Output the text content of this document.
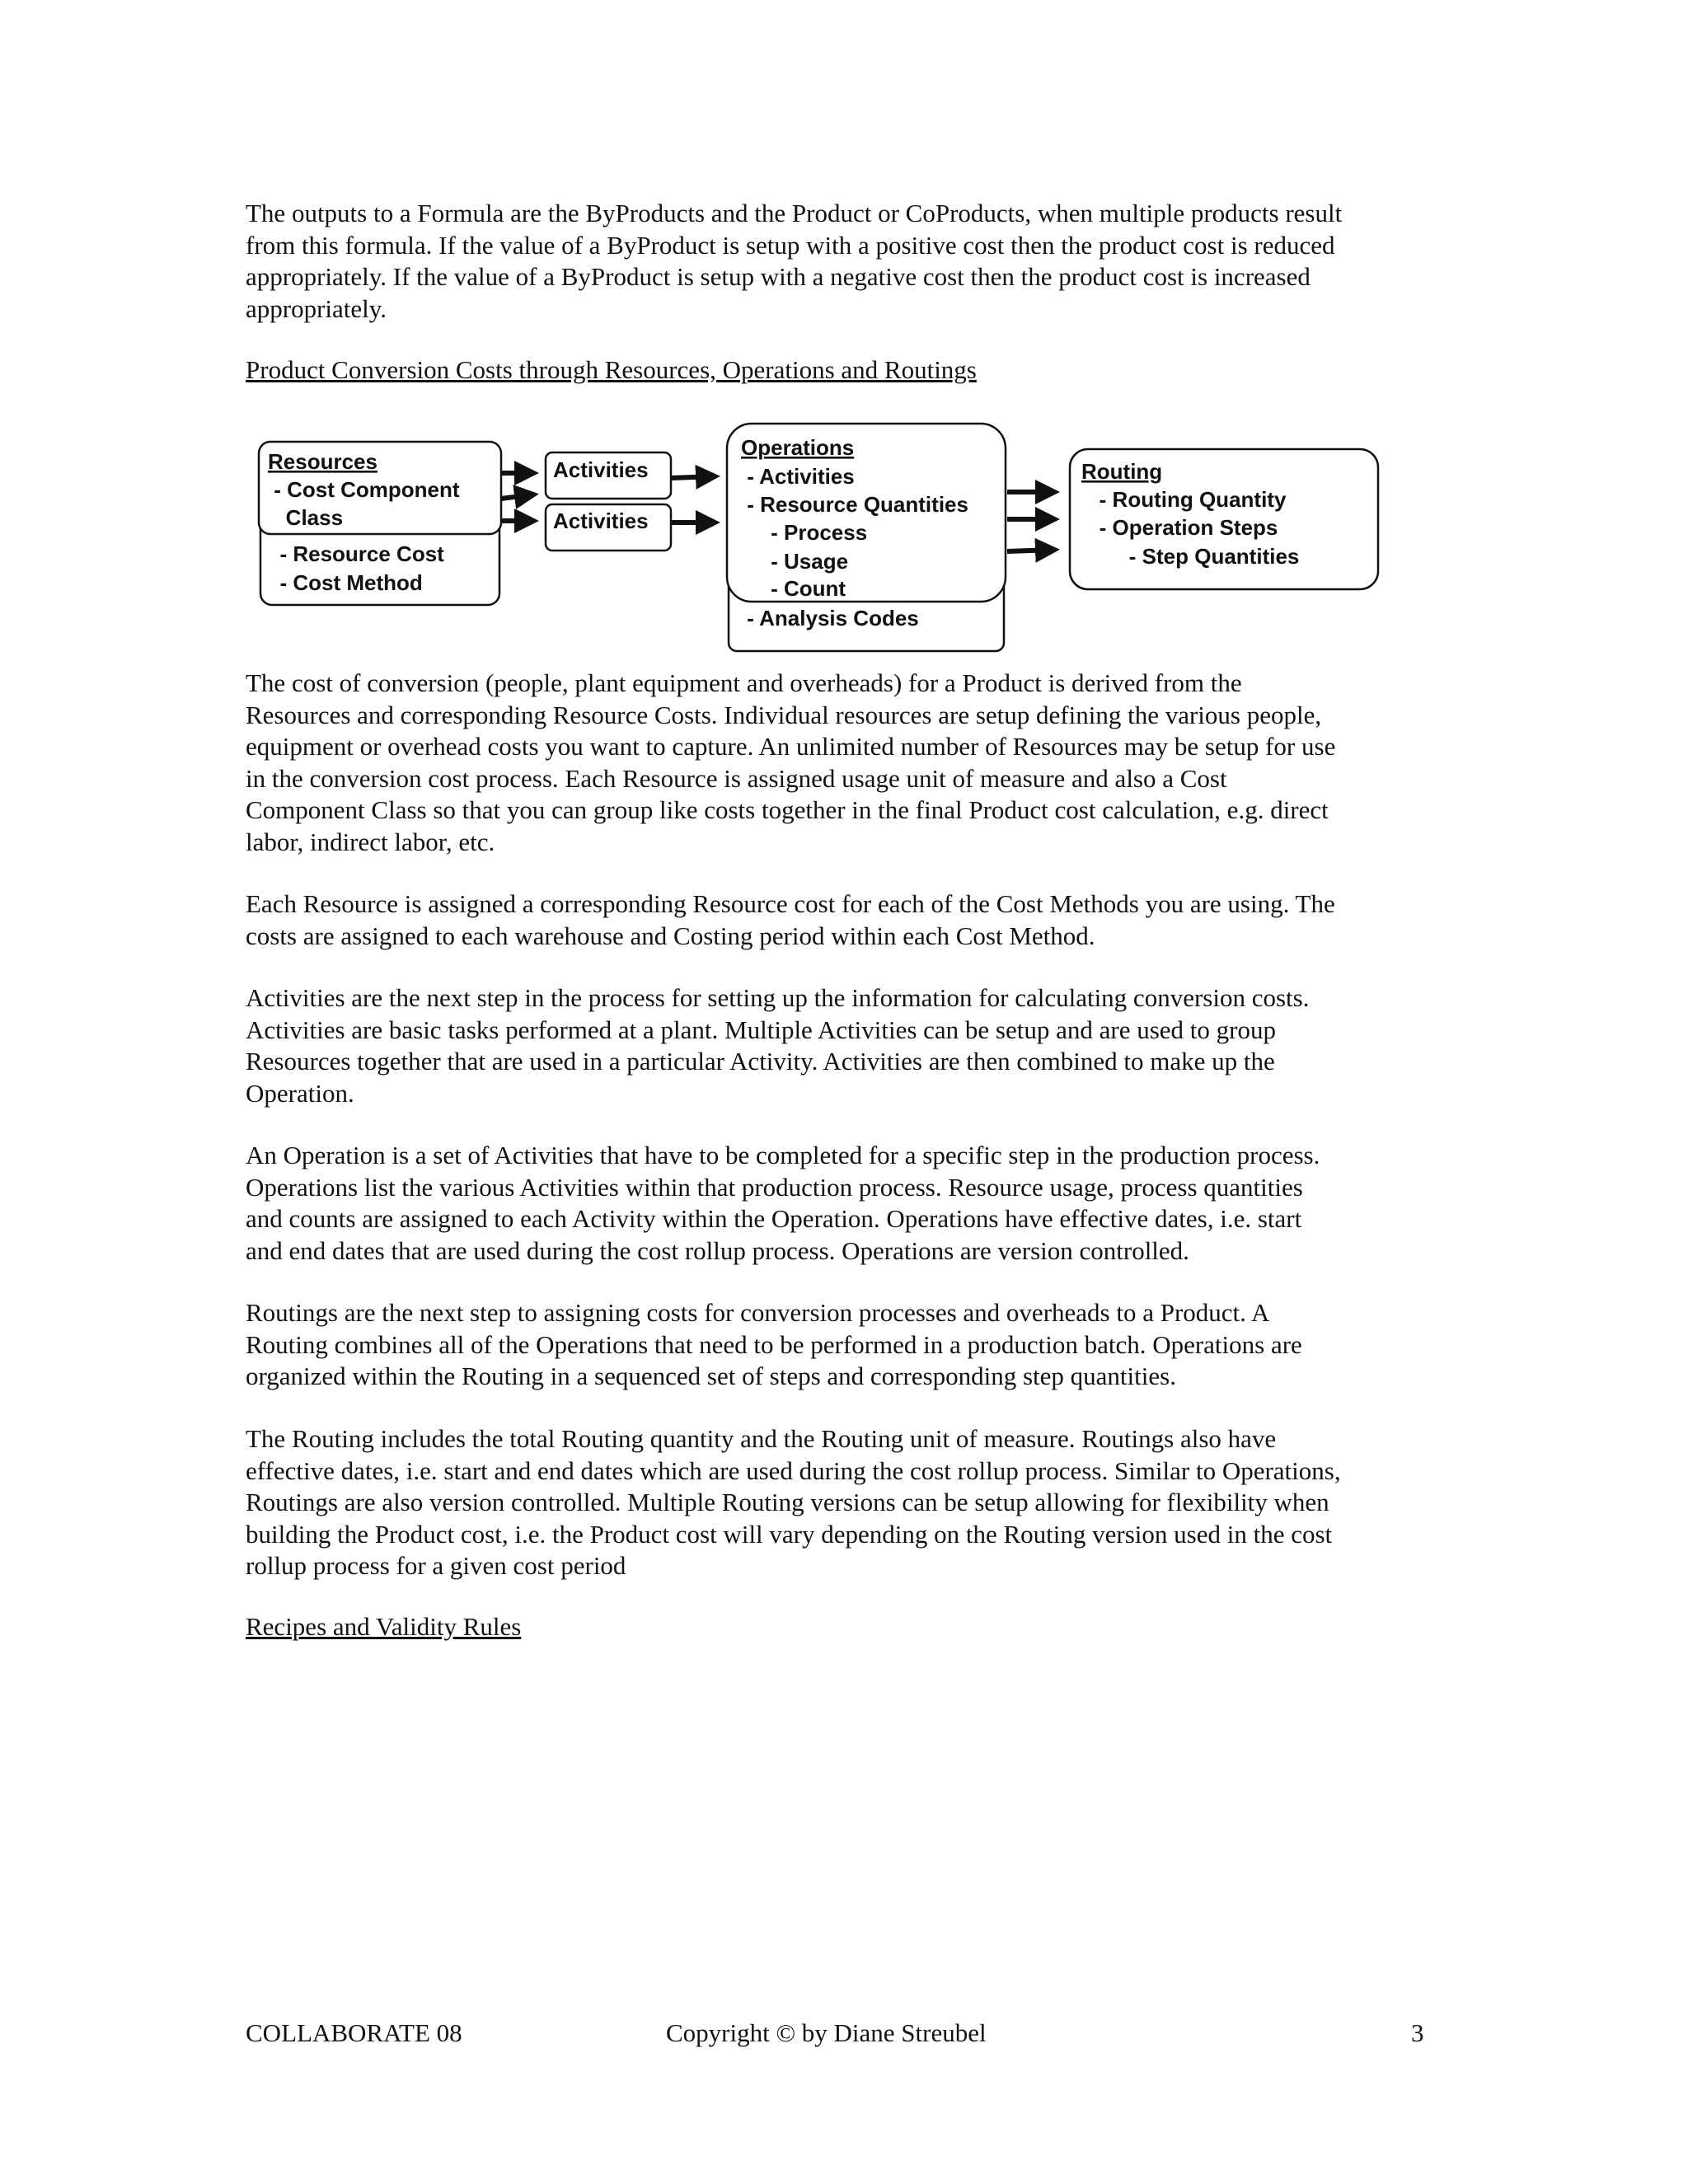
The outputs to a Formula are the ByProducts and the Product or CoProducts, when multiple products result
from this formula. If the value of a ByProduct is setup with a positive cost then the product cost is reduced
appropriately. If the value of a ByProduct is setup with a negative cost then the product cost is increased
appropriately.

Product Conversion Costs through Resources, Operations and Routings

Resources
- Cost Component
Class
- Resource Cost
- Cost Method
Activities
Activities
Operations
- Activities
- Resource Quantities
- Process
- Usage
- Count
- Analysis Codes
Routing
- Routing Quantity
- Operation Steps
- Step Quantities

The cost of conversion (people, plant equipment and overheads) for a Product is derived from the
Resources and corresponding Resource Costs. Individual resources are setup defining the various people,
equipment or overhead costs you want to capture. An unlimited number of Resources may be setup for use
in the conversion cost process. Each Resource is assigned usage unit of measure and also a Cost
Component Class so that you can group like costs together in the final Product cost calculation, e.g. direct
labor, indirect labor, etc.

Each Resource is assigned a corresponding Resource cost for each of the Cost Methods you are using. The
costs are assigned to each warehouse and Costing period within each Cost Method.

Activities are the next step in the process for setting up the information for calculating conversion costs.
Activities are basic tasks performed at a plant. Multiple Activities can be setup and are used to group
Resources together that are used in a particular Activity. Activities are then combined to make up the
Operation.

An Operation is a set of Activities that have to be completed for a specific step in the production process.
Operations list the various Activities within that production process. Resource usage, process quantities
and counts are assigned to each Activity within the Operation. Operations have effective dates, i.e. start
and end dates that are used during the cost rollup process. Operations are version controlled.

Routings are the next step to assigning costs for conversion processes and overheads to a Product. A
Routing combines all of the Operations that need to be performed in a production batch. Operations are
organized within the Routing in a sequenced set of steps and corresponding step quantities.

The Routing includes the total Routing quantity and the Routing unit of measure. Routings also have
effective dates, i.e. start and end dates which are used during the cost rollup process. Similar to Operations,
Routings are also version controlled. Multiple Routing versions can be setup allowing for flexibility when
building the Product cost, i.e. the Product cost will vary depending on the Routing version used in the cost
rollup process for a given cost period

Recipes and Validity Rules

COLLABORATE 08	Copyright © by Diane Streubel	3
